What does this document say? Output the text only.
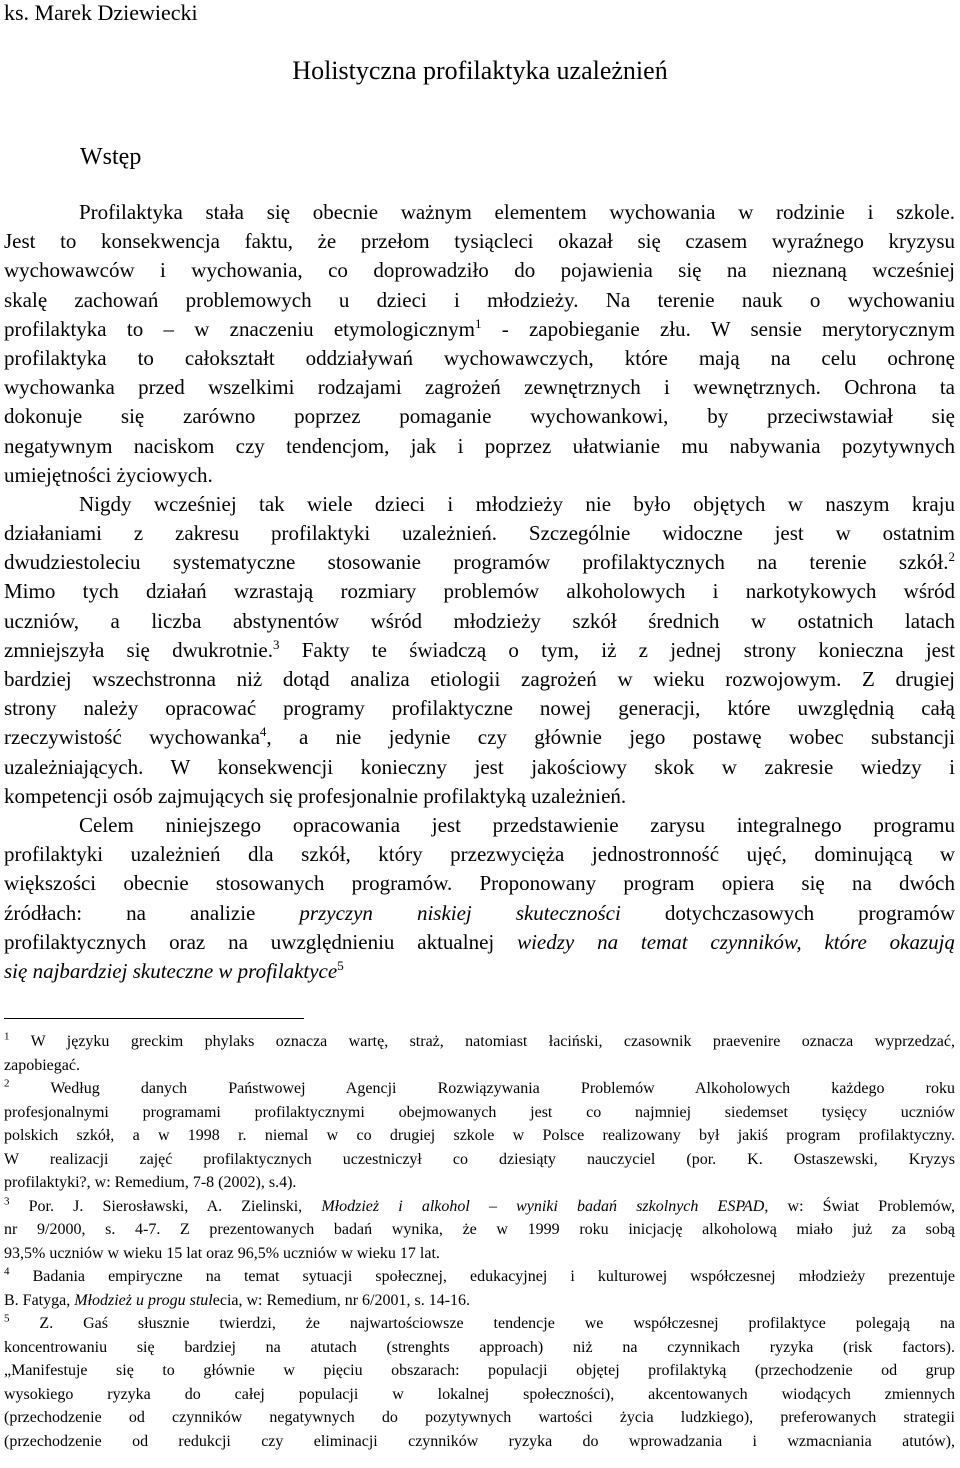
ks. Marek Dziewiecki
Holistyczna profilaktyka uzależnień
Wstęp
Profilaktyka stała się obecnie ważnym elementem wychowania w rodzinie i szkole.
Jest to konsekwencja faktu, że przełom tysiącleci okazał się czasem wyraźnego kryzysu
wychowawców i wychowania, co doprowadziło do pojawienia się na nieznaną wcześniej
skalę zachowań problemowych u dzieci i młodzieży. Na terenie nauk o wychowaniu
profilaktyka to – w znaczeniu etymologicznym$^1$ - zapobieganie złu. W sensie merytorycznym
profilaktyka to całokształt oddziaływań wychowawczych, które mają na celu ochronę
wychowanka przed wszelkimi rodzajami zagrożeń zewnętrznych i wewnętrznych. Ochrona ta
dokonuje się zarówno poprzez pomaganie wychowankowi, by przeciwstawiał się
negatywnym naciskom czy tendencjom, jak i poprzez ułatwianie mu nabywania pozytywnych
umiejętności życiowych.
Nigdy wcześniej tak wiele dzieci i młodzieży nie było objętych w naszym kraju
działaniami z zakresu profilaktyki uzależnień. Szczególnie widoczne jest w ostatnim
dwudziestoleciu systematyczne stosowanie programów profilaktycznych na terenie szkół.$^2$
Mimo tych działań wzrastają rozmiary problemów alkoholowych i narkotykowych wśród
uczniów, a liczba abstynentów wśród młodzieży szkół średnich w ostatnich latach
zmniejszyła się dwukrotnie.$^3$ Fakty te świadczą o tym, iż z jednej strony konieczna jest
bardziej wszechstronna niż dotąd analiza etiologii zagrożeń w wieku rozwojowym. Z drugiej
strony należy opracować programy profilaktyczne nowej generacji, które uwzględnią całą
rzeczywistość wychowanka$^4$, a nie jedynie czy głównie jego postawę wobec substancji
uzależniających. W konsekwencji konieczny jest jakościowy skok w zakresie wiedzy i
kompetencji osób zajmujących się profesjonalnie profilaktyką uzależnień.
Celem niniejszego opracowania jest przedstawienie zarysu integralnego programu
profilaktyki uzależnień dla szkół, który przezwycięża jednostronność ujęć, dominującą w
większości obecnie stosowanych programów. Proponowany program opiera się na dwóch
źródłach: na analizie przyczyn niskiej skuteczności dotychczasowych programów
profilaktycznych oraz na uwzględnieniu aktualnej wiedzy na temat czynników, które okazują
się najbardziej skuteczne w profilaktyce$^5$
$^1$ W języku greckim phylaks oznacza wartę, straż, natomiast łaciński, czasownik praevenire oznacza wyprzedzać,
zapobiegać.
$^2$ Według danych Państwowej Agencji Rozwiązywania Problemów Alkoholowych każdego roku
profesjonalnymi programami profilaktycznymi obejmowanych jest co najmniej siedemset tysięcy uczniów
polskich szkół, a w 1998 r. niemal w co drugiej szkole w Polsce realizowany był jakiś program profilaktyczny.
W realizacji zajęć profilaktycznych uczestniczył co dziesiąty nauczyciel (por. K. Ostaszewski, Kryzys
profilaktyki?, w: Remedium, 7-8 (2002), s.4).
$^3$ Por. J. Sierosławski, A. Zielinski, Młodzież i alkohol – wyniki badań szkolnych ESPAD, w: Świat Problemów,
nr 9/2000, s. 4-7. Z prezentowanych badań wynika, że w 1999 roku inicjację alkoholową miało już za sobą
93,5% uczniów w wieku 15 lat oraz 96,5% uczniów w wieku 17 lat.
$^4$ Badania empiryczne na temat sytuacji społecznej, edukacyjnej i kulturowej współczesnej młodzieży prezentuje
B. Fatyga, Młodzież u progu stulecia, w: Remedium, nr 6/2001, s. 14-16.
$^5$ Z. Gaś słusznie twierdzi, że najwartościowsze tendencje we współczesnej profilaktyce polegają na
koncentrowaniu się bardziej na atutach (strenghts approach) niż na czynnikach ryzyka (risk factors).
„Manifestuje się to głównie w pięciu obszarach: populacji objętej profilaktyką (przechodzenie od grup
wysokiego ryzyka do całej populacji w lokalnej społeczności), akcentowanych wiodących zmiennych
(przechodzenie od czynników negatywnych do pozytywnych wartości życia ludzkiego), preferowanych strategii
(przechodzenie od redukcji czy eliminacji czynników ryzyka do wprowadzania i wzmacniania atutów),
